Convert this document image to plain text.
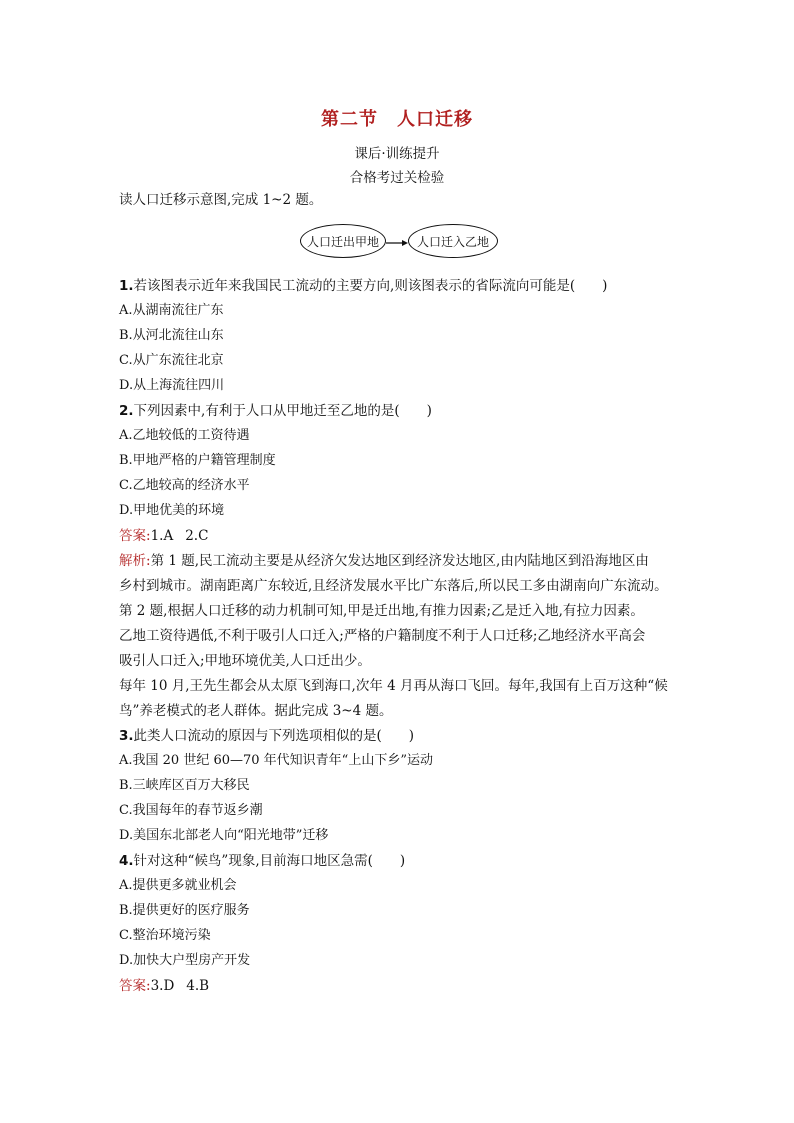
第二节　人口迁移
课后·训练提升
合格考过关检验
读人口迁移示意图,完成 1~2 题。
人口迁出甲地	人口迁入乙地
1.若该图表示近年来我国民工流动的主要方向,则该图表示的省际流向可能是(　　)
A.从湖南流往广东
B.从河北流往山东
C.从广东流往北京
D.从上海流往四川
2.下列因素中,有利于人口从甲地迁至乙地的是(　　)
A.乙地较低的工资待遇
B.甲地严格的户籍管理制度
C.乙地较高的经济水平
D.甲地优美的环境
答案:1.A 2.C
解析:第 1 题,民工流动主要是从经济欠发达地区到经济发达地区,由内陆地区到沿海地区由
乡村到城市。湖南距离广东较近,且经济发展水平比广东落后,所以民工多由湖南向广东流动。
第 2 题,根据人口迁移的动力机制可知,甲是迁出地,有推力因素;乙是迁入地,有拉力因素。
乙地工资待遇低,不利于吸引人口迁入;严格的户籍制度不利于人口迁移;乙地经济水平高会
吸引人口迁入;甲地环境优美,人口迁出少。
每年 10 月,王先生都会从太原飞到海口,次年 4 月再从海口飞回。每年,我国有上百万这种“候
鸟”养老模式的老人群体。据此完成 3~4 题。
3.此类人口流动的原因与下列选项相似的是(　　)
A.我国 20 世纪 60—70 年代知识青年“上山下乡”运动
B.三峡库区百万大移民
C.我国每年的春节返乡潮
D.美国东北部老人向“阳光地带”迁移
4.针对这种“候鸟”现象,目前海口地区急需(　　)
A.提供更多就业机会
B.提供更好的医疗服务
C.整治环境污染
D.加快大户型房产开发
答案:3.D 4.B
